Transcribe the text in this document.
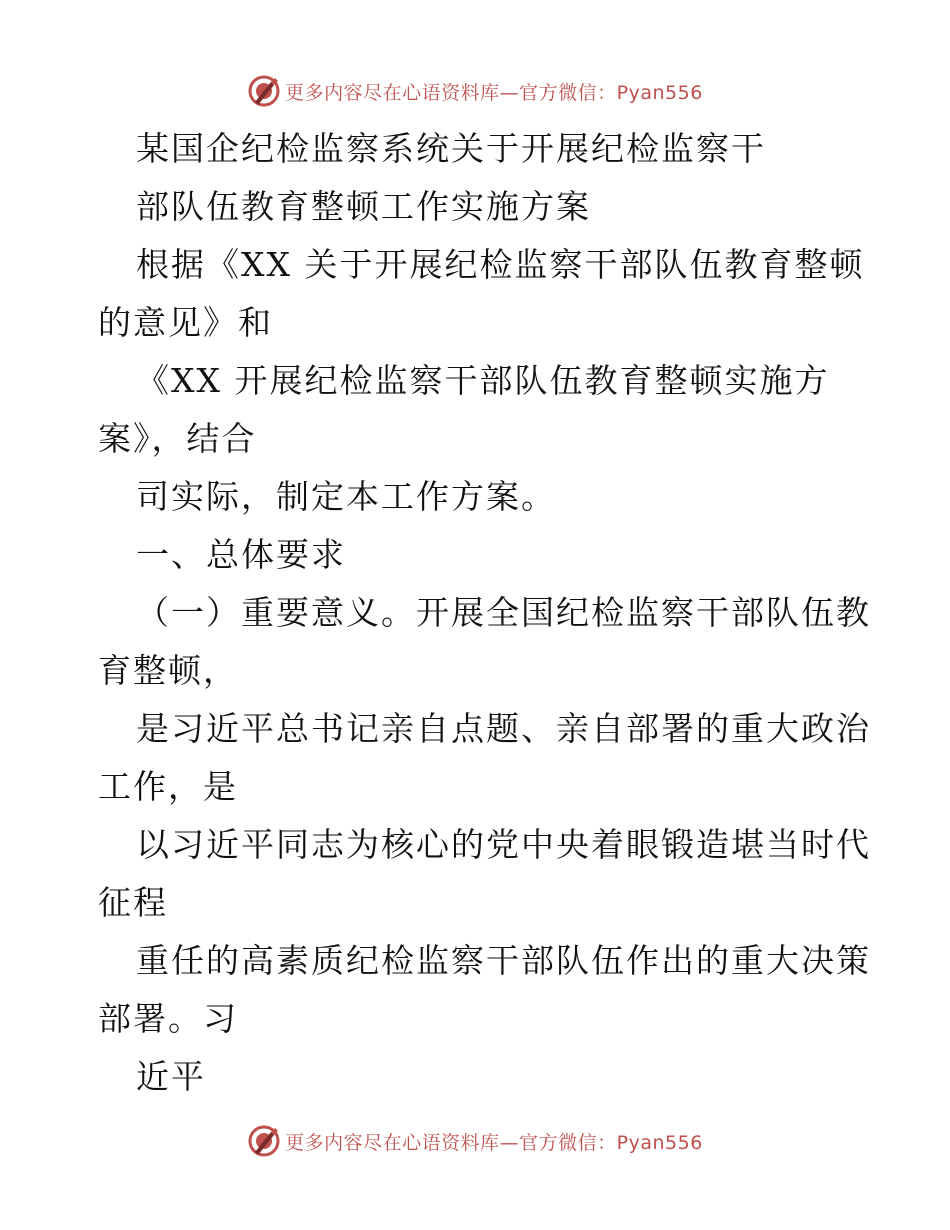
更多内容尽在心语资料库—官方微信：Pyan556
某国企纪检监察系统关于开展纪检监察干
部队伍教育整顿工作实施方案
根据《XX 关于开展纪检监察干部队伍教育整顿
的意见》和
《XX 开展纪检监察干部队伍教育整顿实施方
案》，结合
司实际，制定本工作方案。
一、总体要求
（一）重要意义。开展全国纪检监察干部队伍教
育整顿，
是习近平总书记亲自点题、亲自部署的重大政治
工作，是
以习近平同志为核心的党中央着眼锻造堪当时代
征程
重任的高素质纪检监察干部队伍作出的重大决策
部署。习
近平
更多内容尽在心语资料库—官方微信：Pyan556
